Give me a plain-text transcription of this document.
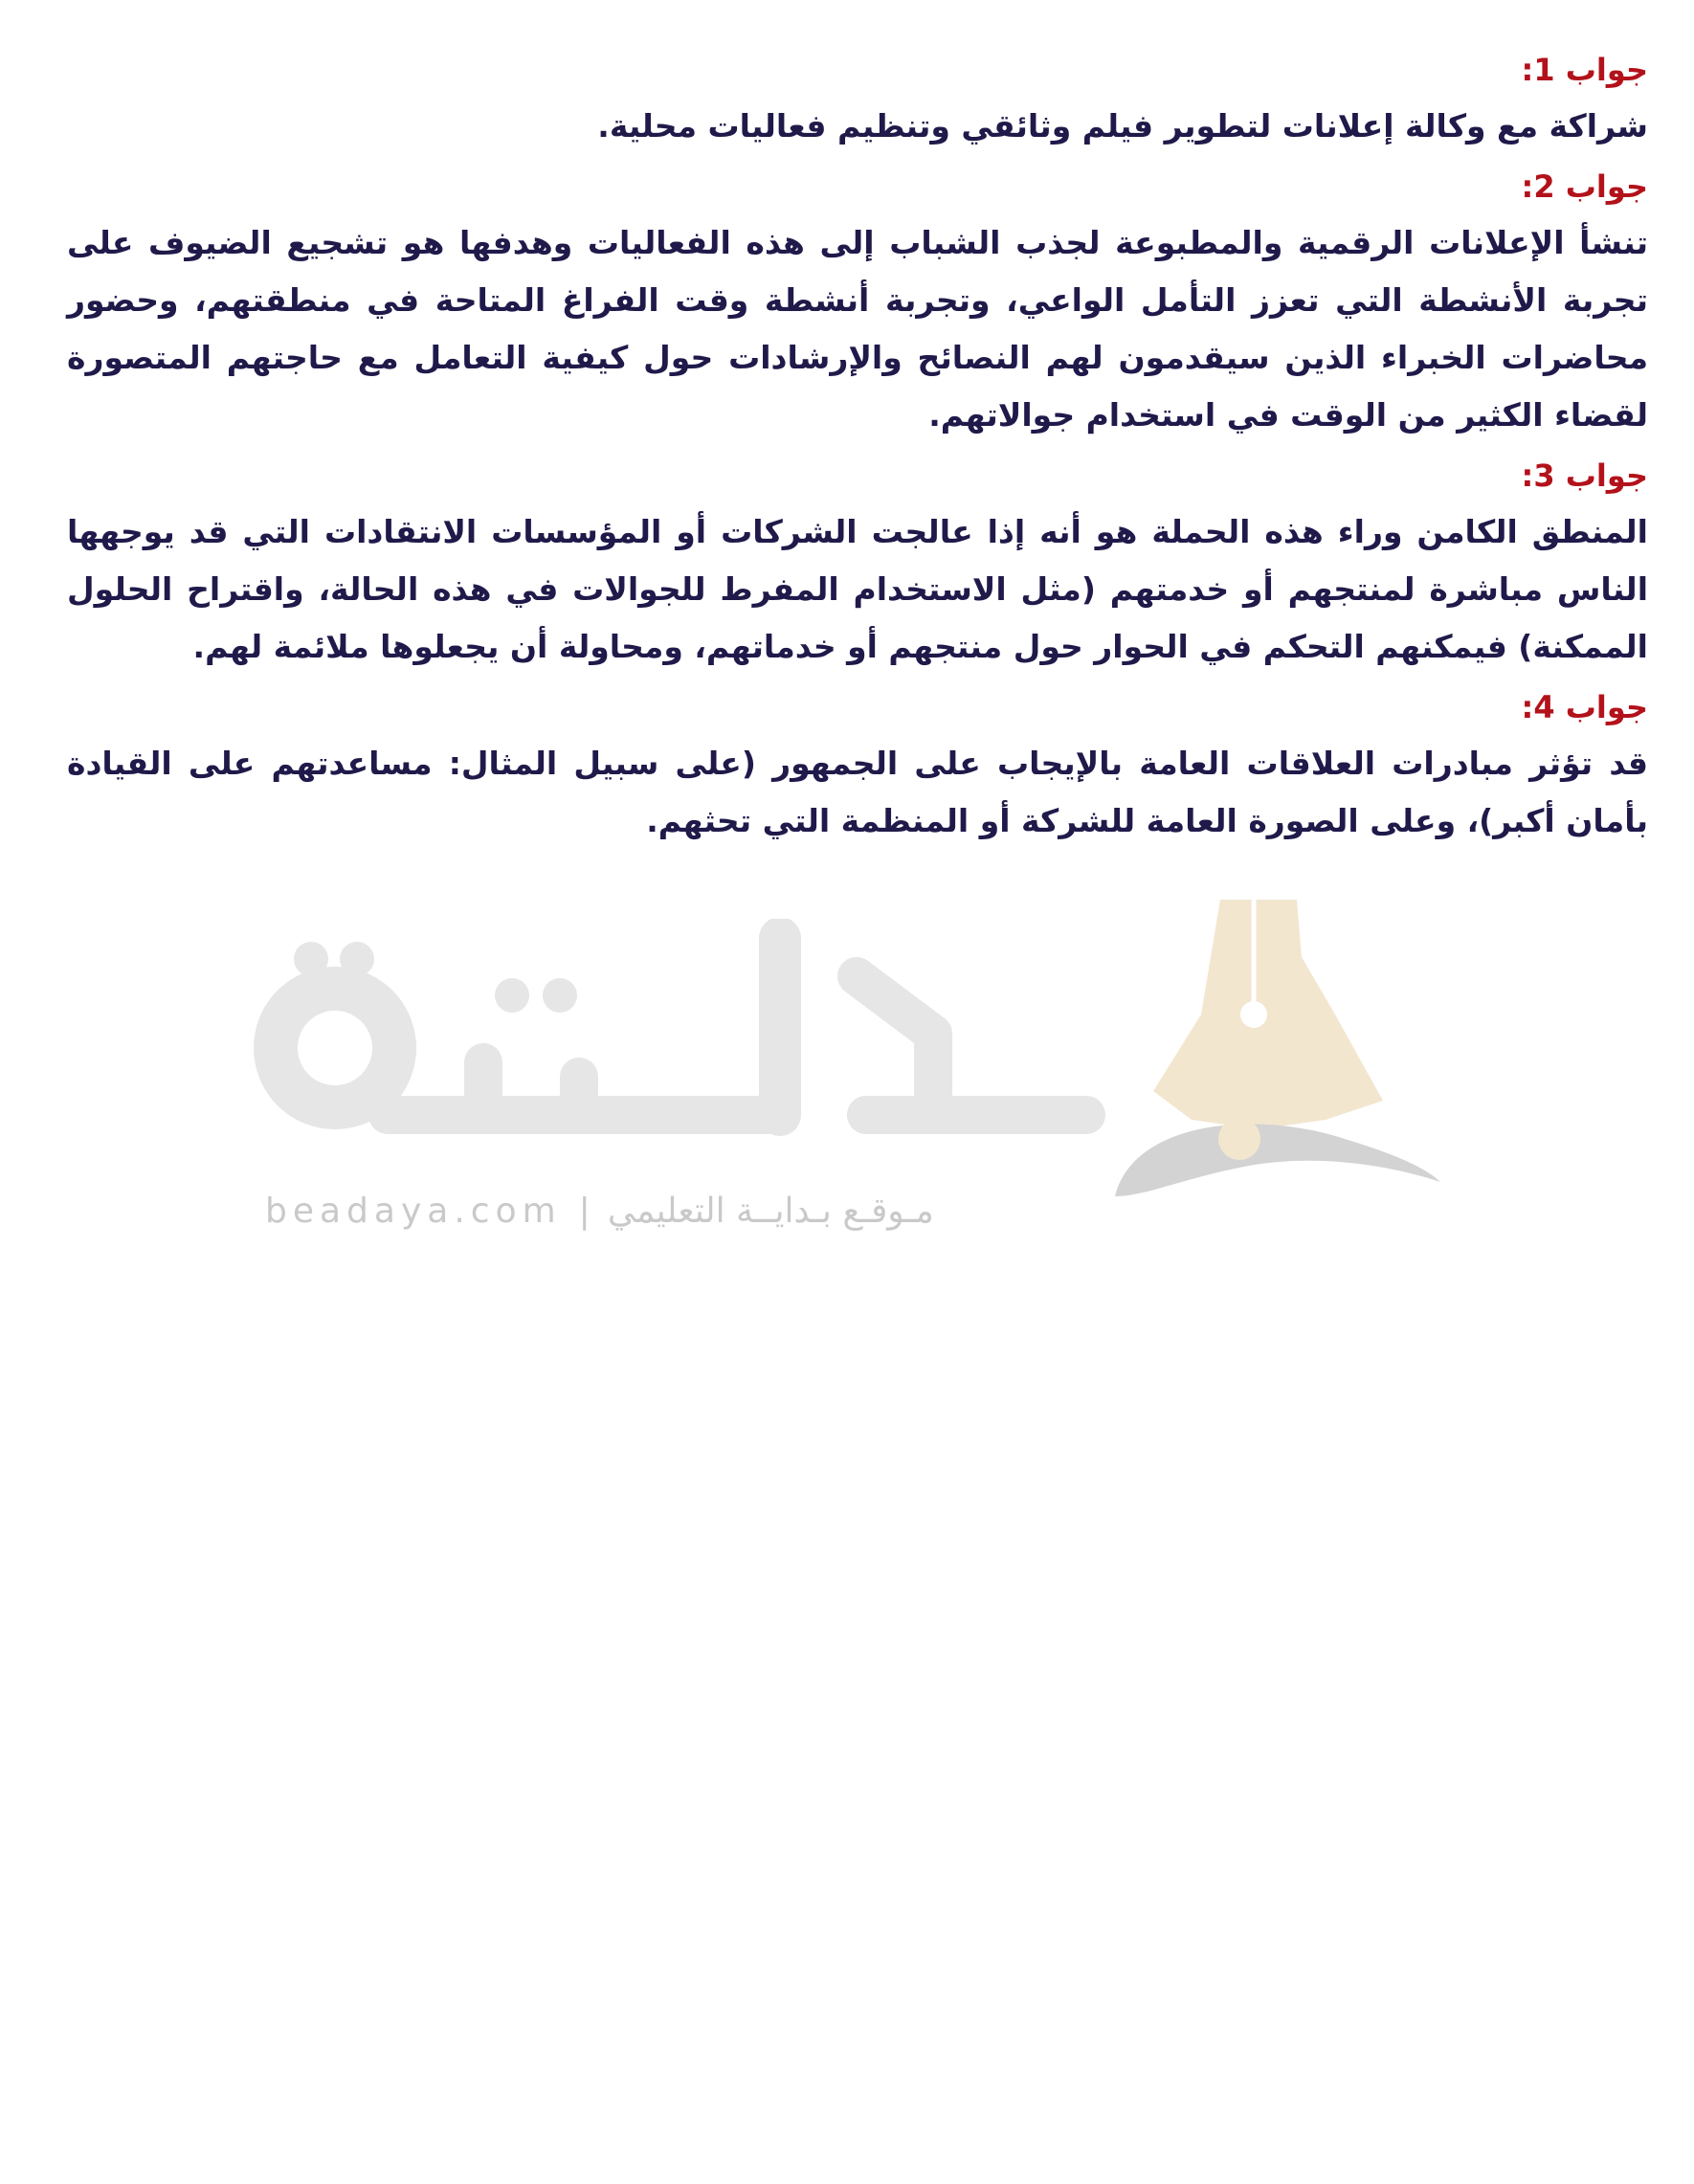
جواب 1:
شراكة مع وكالة إعلانات لتطوير فيلم وثائقي وتنظيم فعاليات محلية.
جواب 2:
تنشأ الإعلانات الرقمية والمطبوعة لجذب الشباب إلى هذه الفعاليات وهدفها هو تشجيع الضيوف على تجربة الأنشطة التي تعزز التأمل الواعي، وتجربة أنشطة وقت الفراغ المتاحة في منطقتهم، وحضور محاضرات الخبراء الذين سيقدمون لهم النصائح والإرشادات حول كيفية التعامل مع حاجتهم المتصورة لقضاء الكثير من الوقت في استخدام جوالاتهم.
جواب 3:
المنطق الكامن وراء هذه الحملة هو أنه إذا عالجت الشركات أو المؤسسات الانتقادات التي قد يوجهها الناس مباشرة لمنتجهم أو خدمتهم (مثل الاستخدام المفرط للجوالات في هذه الحالة، واقتراح الحلول الممكنة) فيمكنهم التحكم في الحوار حول منتجهم أو خدماتهم، ومحاولة أن يجعلوها ملائمة لهم.
جواب 4:
قد تؤثر مبادرات العلاقات العامة بالإيجاب على الجمهور (على سبيل المثال: مساعدتهم على القيادة بأمان أكبر)، وعلى الصورة العامة للشركة أو المنظمة التي تحثهم.
beadaya.com | مـوقـع بـدايــة التعليمي
